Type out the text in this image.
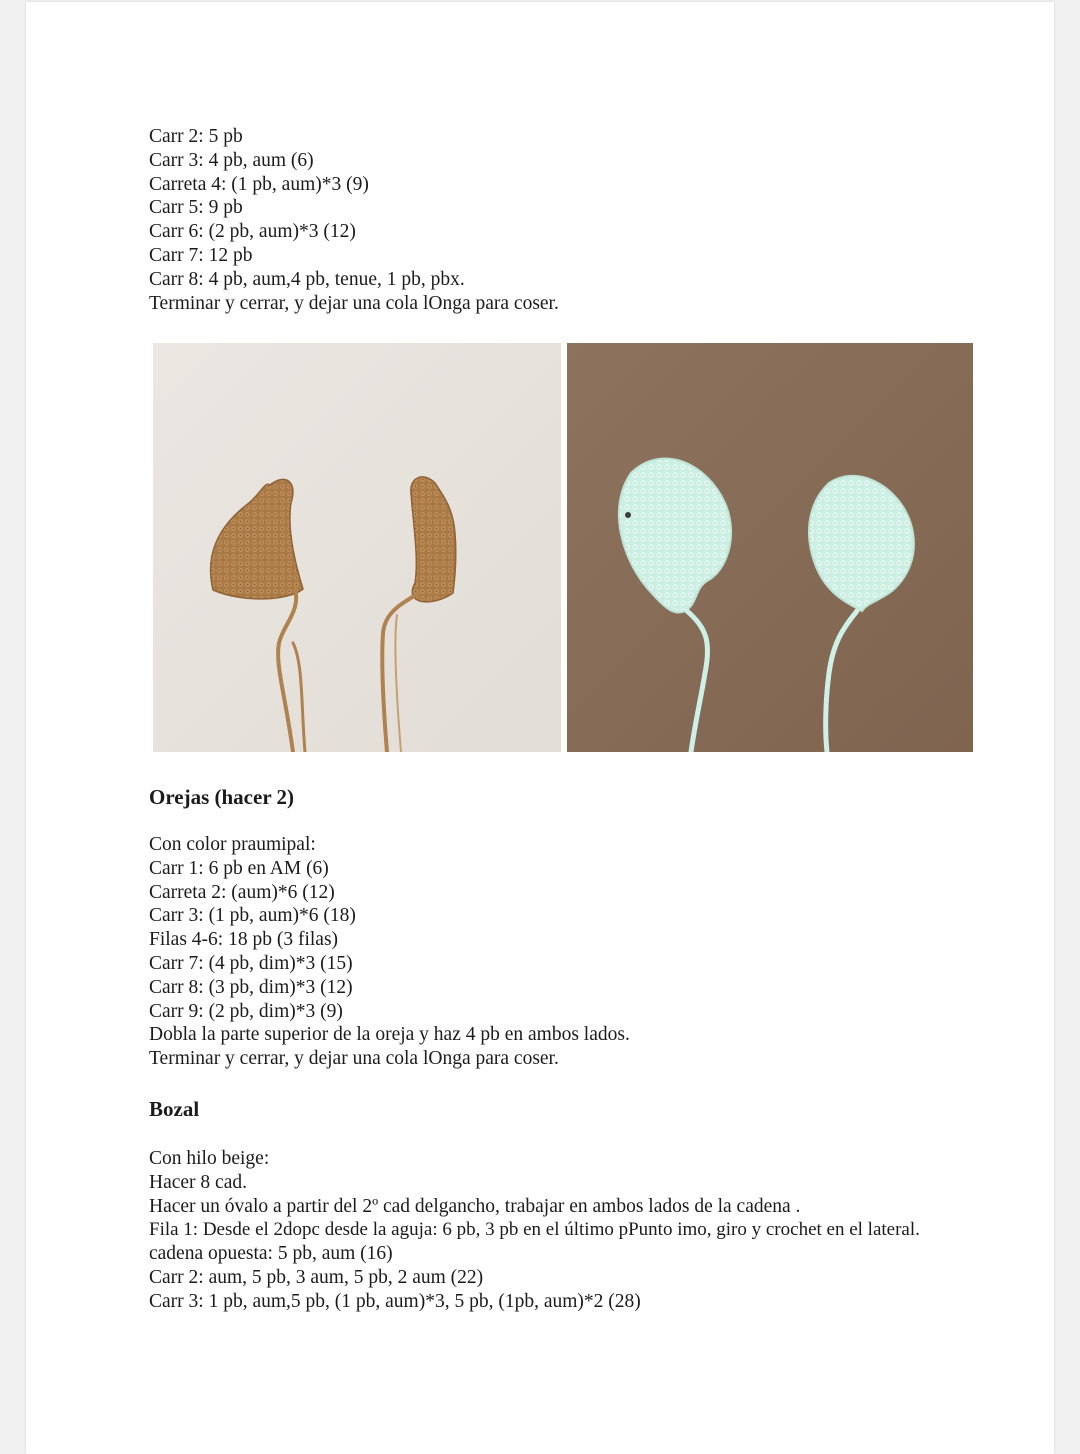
Carr 2: 5 pb
Carr 3: 4 pb, aum (6)
Carreta 4: (1 pb, aum)*3 (9)
Carr 5: 9 pb
Carr 6: (2 pb, aum)*3 (12)
Carr 7: 12 pb
Carr 8: 4 pb, aum,4 pb, tenue, 1 pb, pbx.
Terminar y cerrar, y dejar una cola lOnga para coser.
Orejas (hacer 2)
Con color praumipal:
Carr 1: 6 pb en AM (6)
Carreta 2: (aum)*6 (12)
Carr 3: (1 pb, aum)*6 (18)
Filas 4-6: 18 pb (3 filas)
Carr 7: (4 pb, dim)*3 (15)
Carr 8: (3 pb, dim)*3 (12)
Carr 9: (2 pb, dim)*3 (9)
Dobla la parte superior de la oreja y haz 4 pb en ambos lados.
Terminar y cerrar, y dejar una cola lOnga para coser.
Bozal
Con hilo beige:
Hacer 8 cad.
Hacer un óvalo a partir del 2º cad delgancho, trabajar en ambos lados de la cadena .
Fila 1: Desde el 2dopc desde la aguja: 6 pb, 3 pb en el último pPunto imo, giro y crochet en el lateral.
cadena opuesta: 5 pb, aum (16)
Carr 2: aum, 5 pb, 3 aum, 5 pb, 2 aum (22)
Carr 3: 1 pb, aum,5 pb, (1 pb, aum)*3, 5 pb, (1pb, aum)*2 (28)
